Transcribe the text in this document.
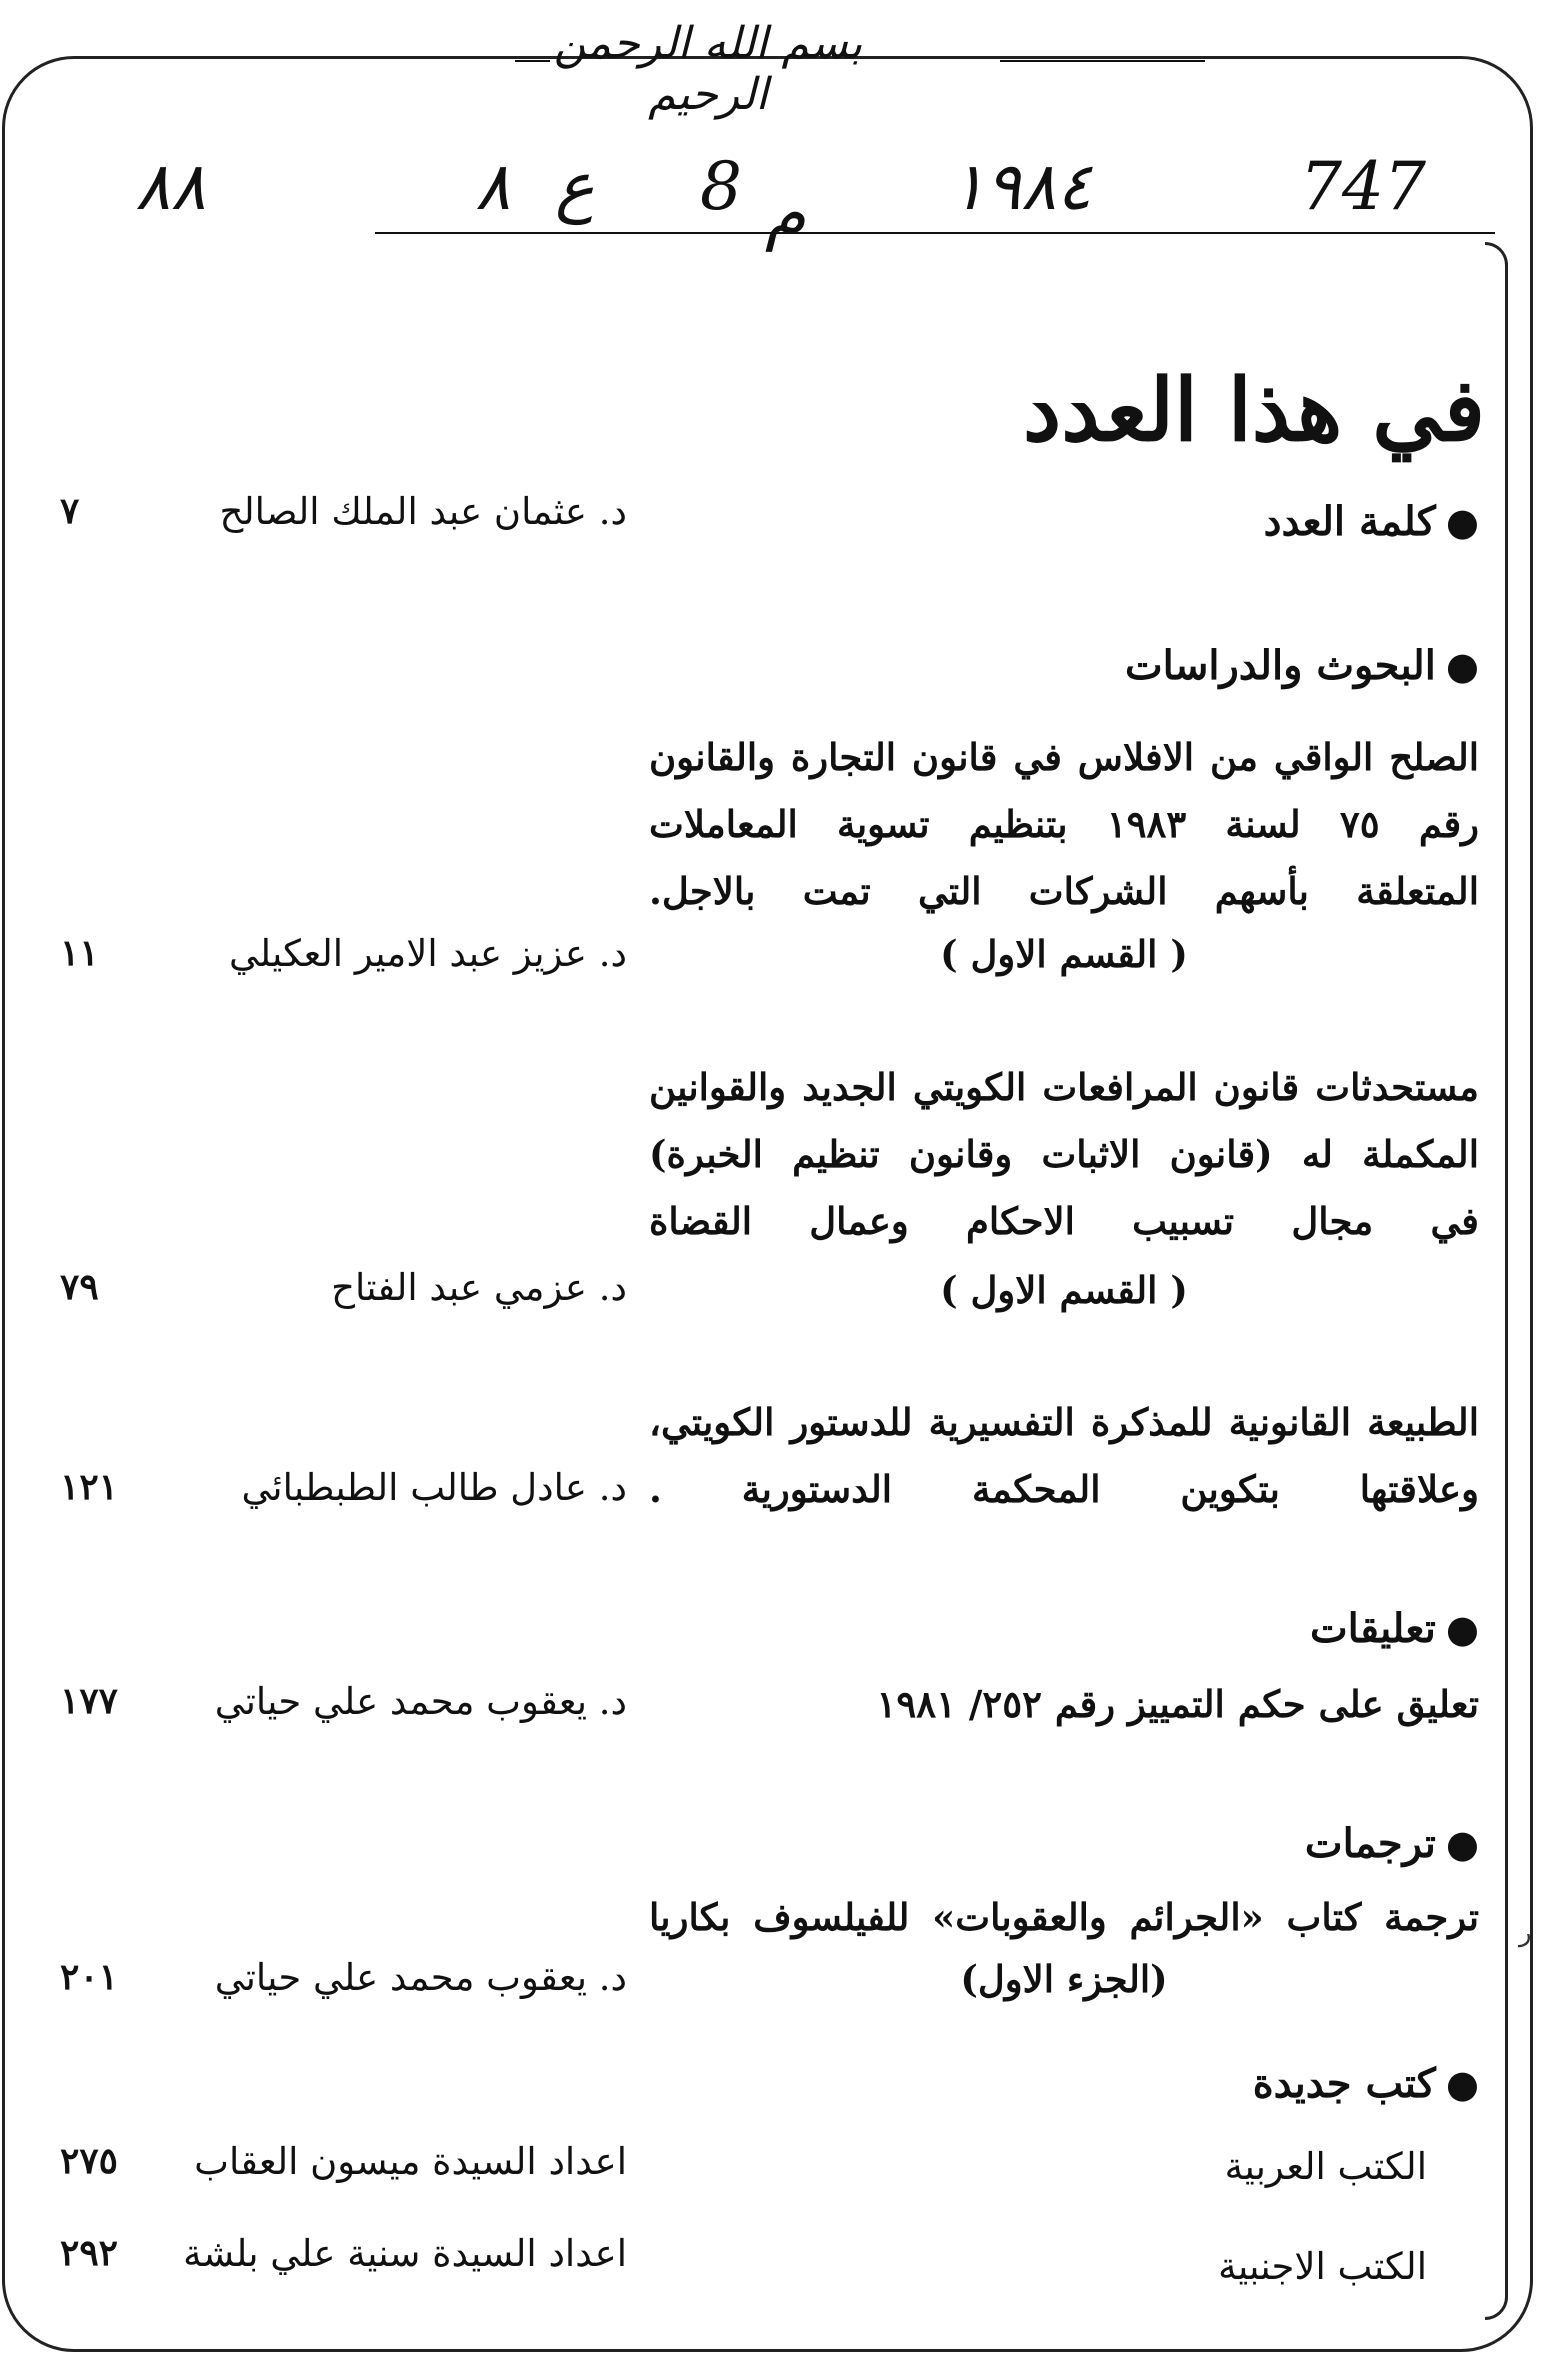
بسم الله الرحمن الرحيم
٨٨	٨ ع 8 م ١٩٨٤	747
في هذا العدد
●كلمة العدد
د. عثمان عبد الملك الصالح
٧
●البحوث والدراسات
الصلح الواقي من الافلاس في قانون التجارة والقانون
رقم ٧٥ لسنة ١٩٨٣ بتنظيم تسوية المعاملات
المتعلقة بأسهم الشركات التي تمت بالاجل.
( القسم الاول )
د. عزيز عبد الامير العكيلي
١١
مستحدثات قانون المرافعات الكويتي الجديد والقوانين
المكملة له (قانون الاثبات وقانون تنظيم الخبرة)
في مجال تسبيب الاحكام وعمال القضاة
( القسم الاول )
د. عزمي عبد الفتاح
٧٩
الطبيعة القانونية للمذكرة التفسيرية للدستور الكويتي،
وعلاقتها بتكوين المحكمة الدستورية .
د. عادل طالب الطبطبائي
١٢١
●تعليقات
تعليق على حكم التمييز رقم ٢٥٢/ ١٩٨١
د. يعقوب محمد علي حياتي
١٧٧
●ترجمات
ترجمة كتاب «الجرائم والعقوبات» للفيلسوف بكاريا
(الجزء الاول)
د. يعقوب محمد علي حياتي
٢٠١
ر
●كتب جديدة
الكتب العربية
اعداد السيدة ميسون العقاب
٢٧٥
الكتب الاجنبية
اعداد السيدة سنية علي بلشة
٢٩٢
